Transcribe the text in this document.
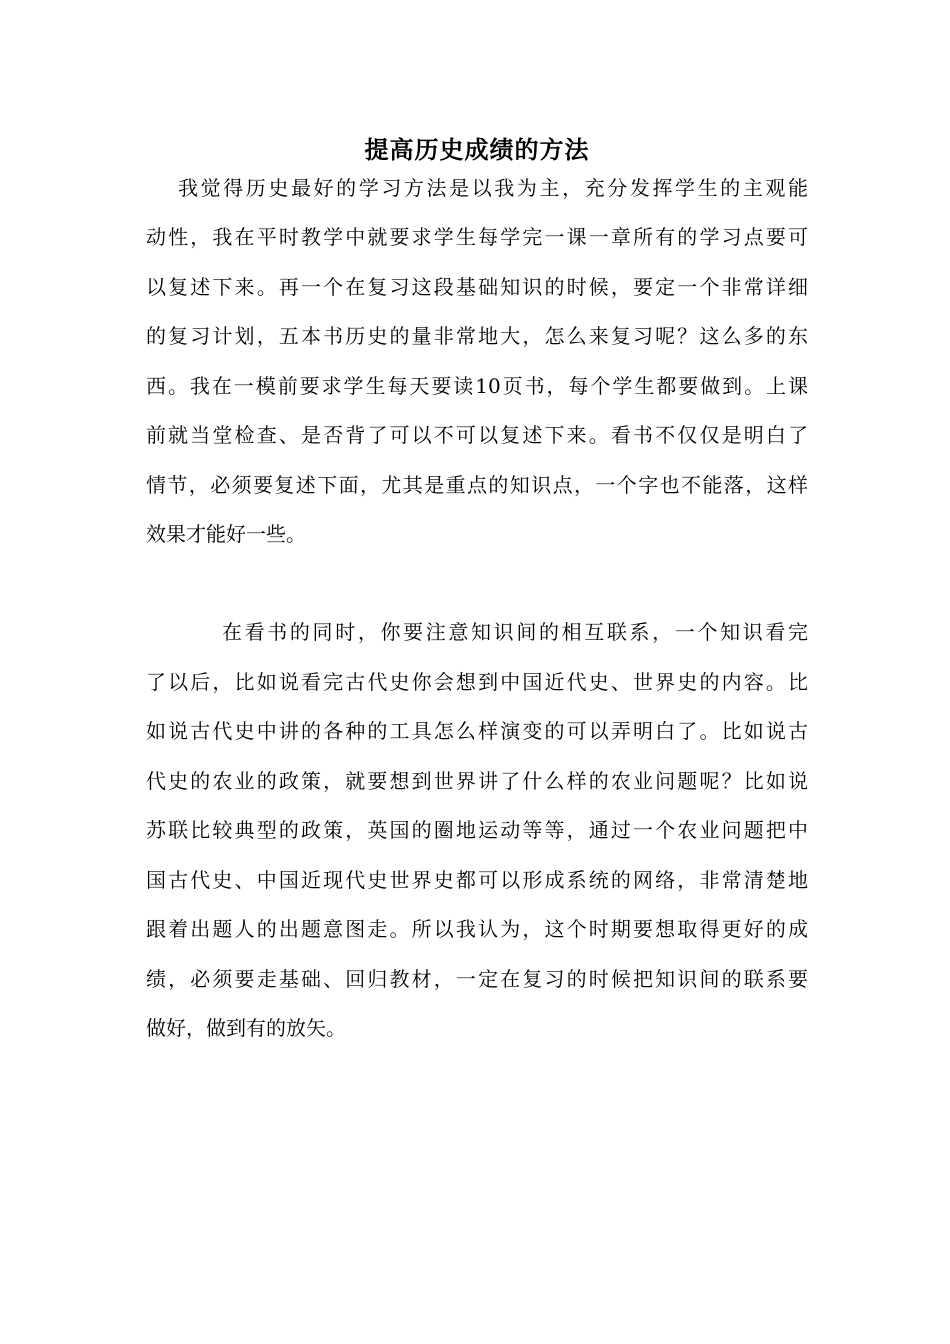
提高历史成绩的方法

我觉得历史最好的学习方法是以我为主，充分发挥学生的主观能

动性，我在平时教学中就要求学生每学完一课一章所有的学习点要可

以复述下来。再一个在复习这段基础知识的时候，要定一个非常详细

的复习计划，五本书历史的量非常地大，怎么来复习呢？这么多的东

西。我在一模前要求学生每天要读10页书，每个学生都要做到。上课

前就当堂检查、是否背了可以不可以复述下来。看书不仅仅是明白了

情节，必须要复述下面，尤其是重点的知识点，一个字也不能落，这样

效果才能好一些。

在看书的同时，你要注意知识间的相互联系，一个知识看完

了以后，比如说看完古代史你会想到中国近代史、世界史的内容。比

如说古代史中讲的各种的工具怎么样演变的可以弄明白了。比如说古

代史的农业的政策，就要想到世界讲了什么样的农业问题呢？比如说

苏联比较典型的政策，英国的圈地运动等等，通过一个农业问题把中

国古代史、中国近现代史世界史都可以形成系统的网络，非常清楚地

跟着出题人的出题意图走。所以我认为，这个时期要想取得更好的成

绩，必须要走基础、回归教材，一定在复习的时候把知识间的联系要

做好，做到有的放矢。
